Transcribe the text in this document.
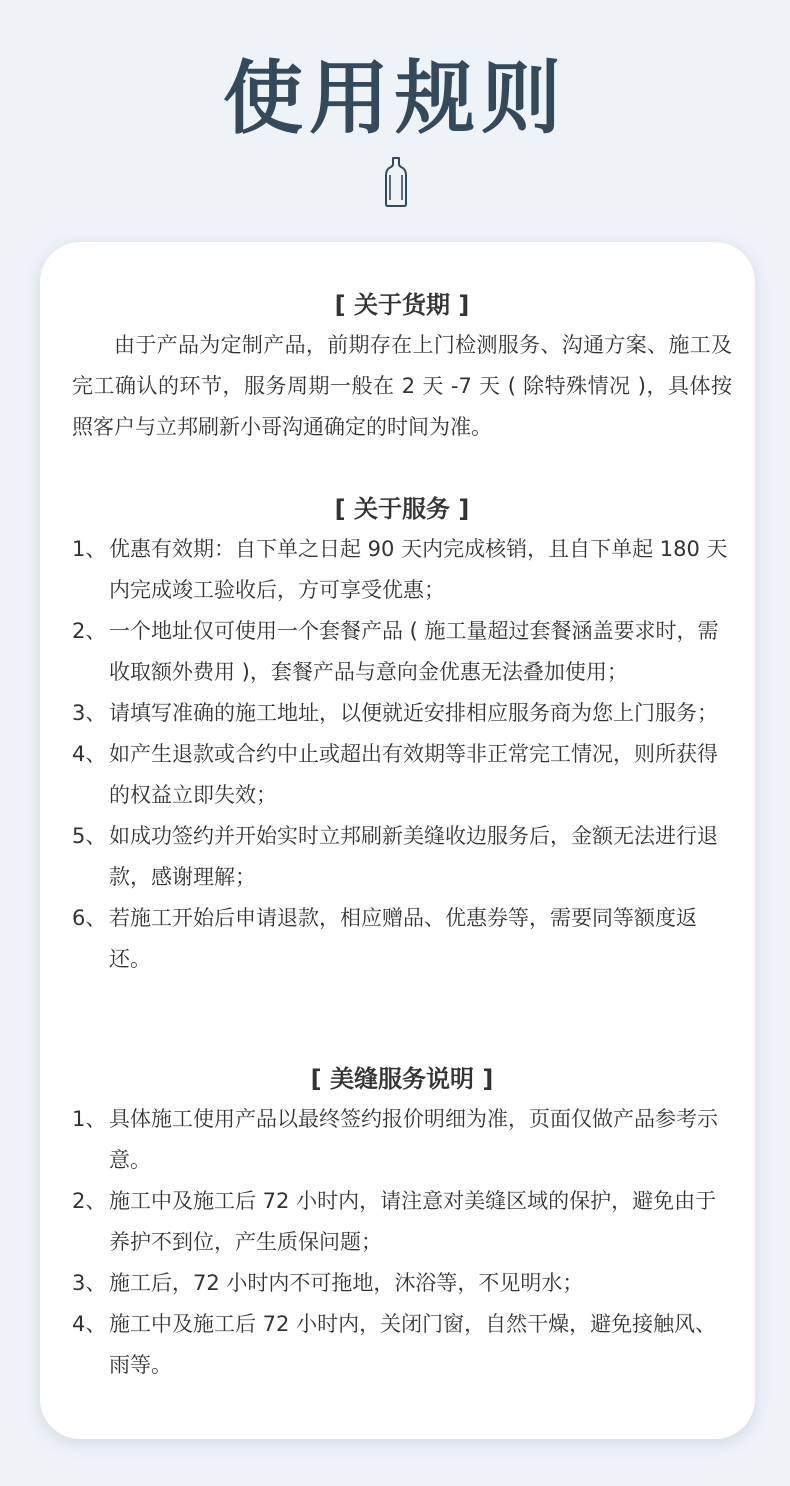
使用规则
[ 关于货期 ]

由于产品为定制产品，前期存在上门检测服务、沟通方案、施工及完工确认的环节，服务周期一般在 2 天 -7 天 ( 除特殊情况 )，具体按照客户与立邦刷新小哥沟通确定的时间为准。

[ 关于服务 ]
1、 优惠有效期：自下单之日起 90 天内完成核销，且自下单起 180 天内完成竣工验收后，方可享受优惠；
2、 一个地址仅可使用一个套餐产品 ( 施工量超过套餐涵盖要求时，需收取额外费用 )，套餐产品与意向金优惠无法叠加使用；
3、 请填写准确的施工地址，以便就近安排相应服务商为您上门服务；
4、 如产生退款或合约中止或超出有效期等非正常完工情况，则所获得的权益立即失效；
5、 如成功签约并开始实时立邦刷新美缝收边服务后，金额无法进行退款，感谢理解；
6、 若施工开始后申请退款，相应赠品、优惠券等，需要同等额度返还。
[ 美缝服务说明 ]
1、 具体施工使用产品以最终签约报价明细为准，页面仅做产品参考示意。
2、 施工中及施工后 72 小时内，请注意对美缝区域的保护，避免由于养护不到位，产生质保问题；
3、 施工后，72 小时内不可拖地，沐浴等，不见明水；
4、 施工中及施工后 72 小时内，关闭门窗，自然干燥，避免接触风、雨等。
